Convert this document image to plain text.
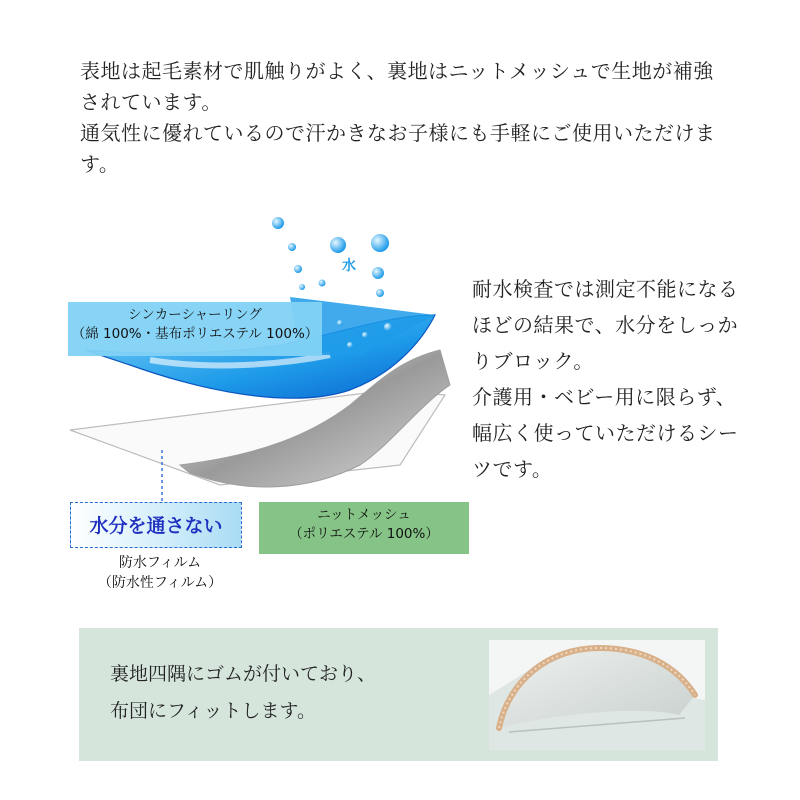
表地は起毛素材で肌触りがよく、裏地はニットメッシュで生地が補強されています。

通気性に優れているので汗かきなお子様にも手軽にご使用いただけます。

水
シンカーシャーリング
（綿 100%・基布ポリエステル 100%）
ニットメッシュ
（ポリエステル 100%）
水分を通さない
防水フィルム
（防水性フィルム）

耐水検査では測定不能になるほどの結果で、水分をしっかりブロック。

介護用・ベビー用に限らず、幅広く使っていただけるシーツです。

裏地四隅にゴムが付いており、

布団にフィットします。
